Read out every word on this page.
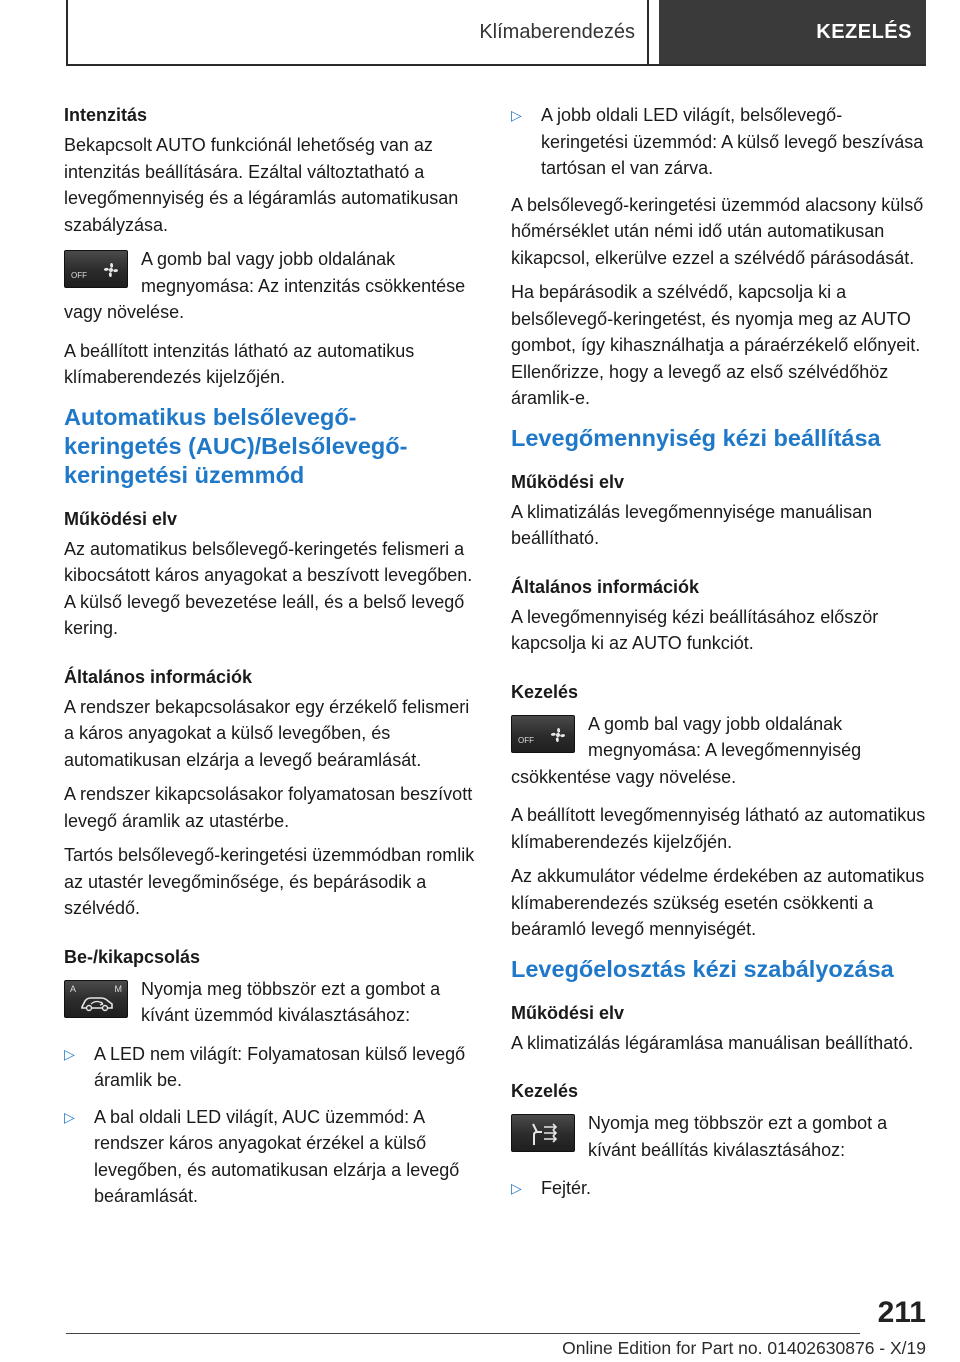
Klímaberendezés	KEZELÉS
Intenzitás

Bekapcsolt AUTO funkciónál lehetőség van az intenzitás beállítására. Ezáltal változtatható a levegőmennyiség és a légáramlás automatikusan szabályzása.

OFF

A gomb bal vagy jobb oldalának megnyomása: Az intenzitás csökkentése vagy növelése.

A beállított intenzitás látható az automatikus klímaberendezés kijelzőjén.

Automatikus belsőlevegő-
keringetés (AUC)/Belsőlevegő-
keringetési üzemmód
Működési elv

Az automatikus belsőlevegő-keringetés felismeri a kibocsátott káros anyagokat a beszívott levegőben. A külső levegő bevezetése leáll, és a belső levegő kering.

Általános információk

A rendszer bekapcsolásakor egy érzékelő felismeri a káros anyagokat a külső levegőben, és automatikusan elzárja a levegő beáramlását.

A rendszer kikapcsolásakor folyamatosan beszívott levegő áramlik az utastérbe.

Tartós belsőlevegő-keringetési üzemmódban romlik az utastér levegőminősége, és bepárásodik a szélvédő.

Be-/kikapcsolás
A	M	Nyomja meg többször ezt a gombot a kívánt üzemmód kiválasztásához:

▷ A LED nem világít: Folyamatosan külső levegő áramlik be.
▷ A bal oldali LED világít, AUC üzemmód: A rendszer káros anyagokat érzékel a külső levegőben, és automatikusan elzárja a levegő beáramlását.
▷ A jobb oldali LED világít, belsőlevegő-keringetési üzemmód: A külső levegő beszívása tartósan el van zárva.

A belsőlevegő-keringetési üzemmód alacsony külső hőmérséklet után némi idő után automatikusan kikapcsol, elkerülve ezzel a szélvédő párásodását.

Ha bepárásodik a szélvédő, kapcsolja ki a belsőlevegő-keringetést, és nyomja meg az AUTO gombot, így kihasználhatja a páraérzékelő előnyeit. Ellenőrizze, hogy a levegő az első szélvédőhöz áramlik-e.

Levegőmennyiség kézi beállítása
Működési elv

A klimatizálás levegőmennyisége manuálisan beállítható.

Általános információk

A levegőmennyiség kézi beállításához először kapcsolja ki az AUTO funkciót.

Kezelés
OFF

A gomb bal vagy jobb oldalának megnyomása: A levegőmennyiség csökkentése vagy növelése.

A beállított levegőmennyiség látható az automatikus klímaberendezés kijelzőjén.

Az akkumulátor védelme érdekében az automatikus klímaberendezés szükség esetén csökkenti a beáramló levegő mennyiségét.

Levegőelosztás kézi szabályozása
Működési elv

A klimatizálás légáramlása manuálisan beállítható.

Kezelés

Nyomja meg többször ezt a gombot a kívánt beállítás kiválasztásához:

▷ Fejtér.
211
Online Edition for Part no. 01402630876 - X/19
